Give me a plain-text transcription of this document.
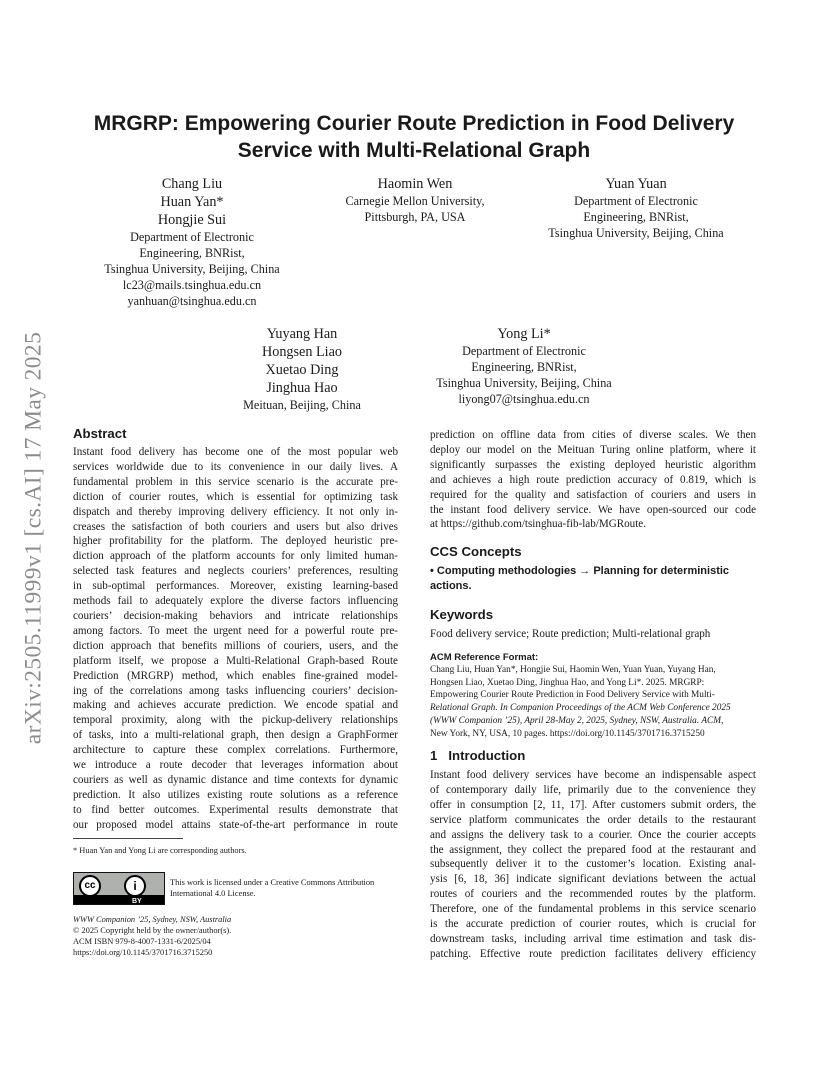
MRGRP: Empowering Courier Route Prediction in Food Delivery
Service with Multi-Relational Graph
arXiv:2505.11999v1 [cs.AI] 17 May 2025
Chang Liu
Huan Yan*
Hongjie Sui
Department of Electronic
Engineering, BNRist,
Tsinghua University, Beijing, China
lc23@mails.tsinghua.edu.cn
yanhuan@tsinghua.edu.cn
Haomin Wen
Carnegie Mellon University,
Pittsburgh, PA, USA
Yuan Yuan
Department of Electronic
Engineering, BNRist,
Tsinghua University, Beijing, China
Yuyang Han
Hongsen Liao
Xuetao Ding
Jinghua Hao
Meituan, Beijing, China
Yong Li*
Department of Electronic
Engineering, BNRist,
Tsinghua University, Beijing, China
liyong07@tsinghua.edu.cn
Abstract
Instant food delivery has become one of the most popular web
services worldwide due to its convenience in our daily lives. A
fundamental problem in this service scenario is the accurate pre-
diction of courier routes, which is essential for optimizing task
dispatch and thereby improving delivery efficiency. It not only in-
creases the satisfaction of both couriers and users but also drives
higher profitability for the platform. The deployed heuristic pre-
diction approach of the platform accounts for only limited human-
selected task features and neglects couriers’ preferences, resulting
in sub-optimal performances. Moreover, existing learning-based
methods fail to adequately explore the diverse factors influencing
couriers’ decision-making behaviors and intricate relationships
among factors. To meet the urgent need for a powerful route pre-
diction approach that benefits millions of couriers, users, and the
platform itself, we propose a Multi-Relational Graph-based Route
Prediction (MRGRP) method, which enables fine-grained model-
ing of the correlations among tasks influencing couriers’ decision-
making and achieves accurate prediction. We encode spatial and
temporal proximity, along with the pickup-delivery relationships
of tasks, into a multi-relational graph, then design a GraphFormer
architecture to capture these complex correlations. Furthermore,
we introduce a route decoder that leverages information about
couriers as well as dynamic distance and time contexts for dynamic
prediction. It also utilizes existing route solutions as a reference
to find better outcomes. Experimental results demonstrate that
our proposed model attains state-of-the-art performance in route
* Huan Yan and Yong Li are corresponding authors.
cc	i
BY
This work is licensed under a Creative Commons Attribution
International 4.0 License.
WWW Companion ’25, Sydney, NSW, Australia
© 2025 Copyright held by the owner/author(s).
ACM ISBN 979-8-4007-1331-6/2025/04
https://doi.org/10.1145/3701716.3715250
prediction on offline data from cities of diverse scales. We then
deploy our model on the Meituan Turing online platform, where it
significantly surpasses the existing deployed heuristic algorithm
and achieves a high route prediction accuracy of 0.819, which is
required for the quality and satisfaction of couriers and users in
the instant food delivery service. We have open-sourced our code
at https://github.com/tsinghua-fib-lab/MGRoute.
CCS Concepts
• Computing methodologies → Planning for deterministic
actions.
Keywords
Food delivery service; Route prediction; Multi-relational graph
ACM Reference Format:
Chang Liu, Huan Yan*, Hongjie Sui, Haomin Wen, Yuan Yuan, Yuyang Han,
Hongsen Liao, Xuetao Ding, Jinghua Hao, and Yong Li*. 2025. MRGRP:
Empowering Courier Route Prediction in Food Delivery Service with Multi-
Relational Graph. In Companion Proceedings of the ACM Web Conference 2025
(WWW Companion ’25), April 28-May 2, 2025, Sydney, NSW, Australia. ACM,
New York, NY, USA, 10 pages. https://doi.org/10.1145/3701716.3715250
1 Introduction
Instant food delivery services have become an indispensable aspect
of contemporary daily life, primarily due to the convenience they
offer in consumption [2, 11, 17]. After customers submit orders, the
service platform communicates the order details to the restaurant
and assigns the delivery task to a courier. Once the courier accepts
the assignment, they collect the prepared food at the restaurant and
subsequently deliver it to the customer’s location. Existing anal-
ysis [6, 18, 36] indicate significant deviations between the actual
routes of couriers and the recommended routes by the platform.
Therefore, one of the fundamental problems in this service scenario
is the accurate prediction of courier routes, which is crucial for
downstream tasks, including arrival time estimation and task dis-
patching. Effective route prediction facilitates delivery efficiency
